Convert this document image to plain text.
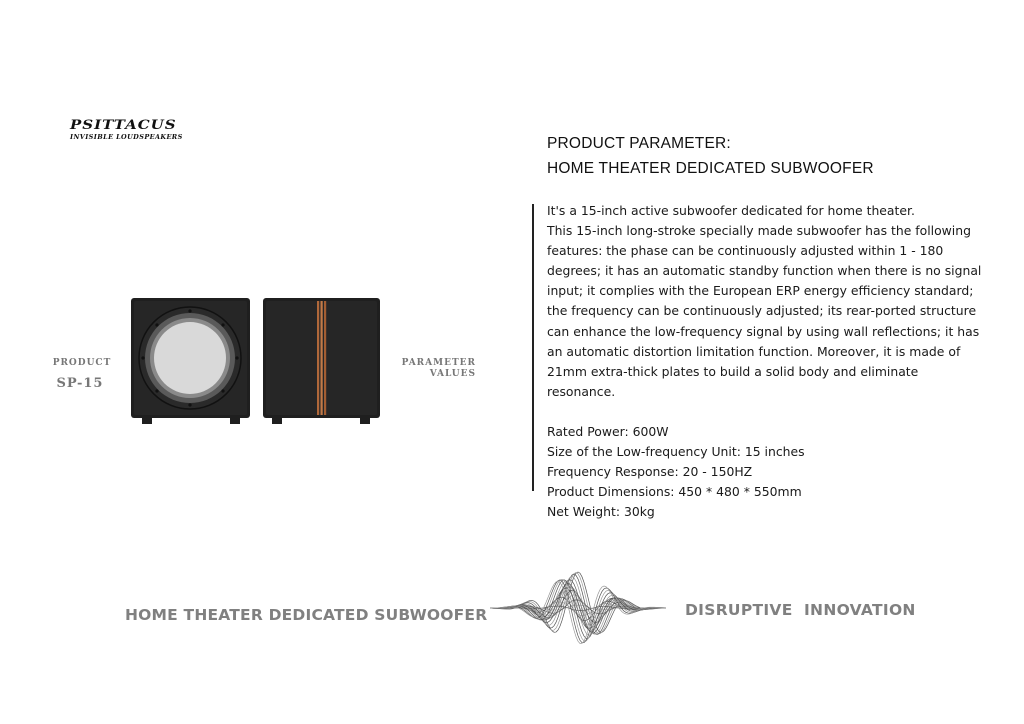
PSITTACUS
INVISIBLE LOUDSPEAKERS
PRODUCT
SP-15
PARAMETER VALUES
PRODUCT PARAMETER:
HOME THEATER DEDICATED SUBWOOFER

It's a 15-inch active subwoofer dedicated for home theater.

This 15-inch long-stroke specially made subwoofer has the following features: the phase can be continuously adjusted within 1 - 180 degrees; it has an automatic standby function when there is no signal input; it complies with the European ERP energy efficiency standard; the frequency can be continuously adjusted; its rear-ported structure can enhance the low-frequency signal by using wall reflections; it has an automatic distortion limitation function. Moreover, it is made of 21mm extra-thick plates to build a solid body and eliminate resonance.

Rated Power: 600W

Size of the Low-frequency Unit: 15 inches

Frequency Response: 20 - 150HZ

Product Dimensions: 450 * 480 * 550mm

Net Weight: 30kg

HOME THEATER DEDICATED SUBWOOFER	DISRUPTIVE  INNOVATION
